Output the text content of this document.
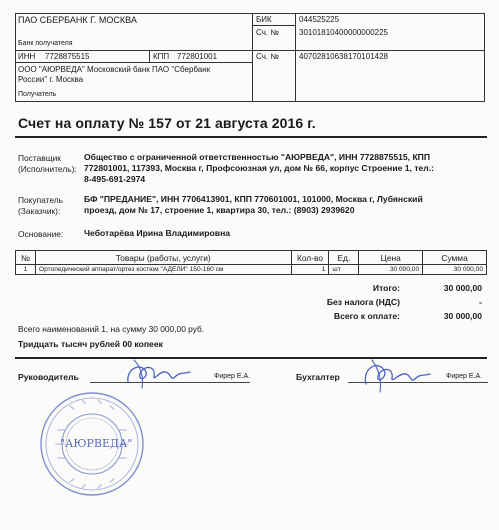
ПАО СБЕРБАНК Г. МОСКВА
Банк получателя
БИК	044525225
Сч. №	30101810400000000225
ИНН 7728875515	КПП 772801001	Сч. №	40702810638170101428
ООО "АЮРВЕДА" Московский банк ПАО "Сбербанк
России" г. Москва
Получатель
Счет на оплату № 157 от 21 августа 2016 г.
Поставщик
(Исполнитель):
Общество с ограниченной ответственностью "АЮРВЕДА", ИНН 7728875515, КПП
772801001, 117393, Москва г, Профсоюзная ул, дом № 66, корпус Строение 1, тел.:
8-495-691-2974
Покупатель
(Заказчик):
БФ "ПРЕДАНИЕ", ИНН 7706413901, КПП 770601001, 101000, Москва г, Лубянский
проезд, дом № 17, строение 1, квартира 30, тел.: (8903) 2939620
Основание: Чеботарёва Ирина Владимировна
№	Товары (работы, услуги)	Кол-во	Ед.	Цена	Сумма
1	Ортопедический аппарат/ортез костюм "АДЕЛИ" 150-160 см	1	шт	30 000,00	30 000,00
Итого:	30 000,00
Без налога (НДС)	-
Всего к оплате:	30 000,00
Всего наименований 1, на сумму 30 000,00 руб.
Тридцать тысяч рублей 00 копеек
Руководитель	Фирер Е.А.	Бухгалтер	Фирер Е.А.
"АЮРВЕДА"
